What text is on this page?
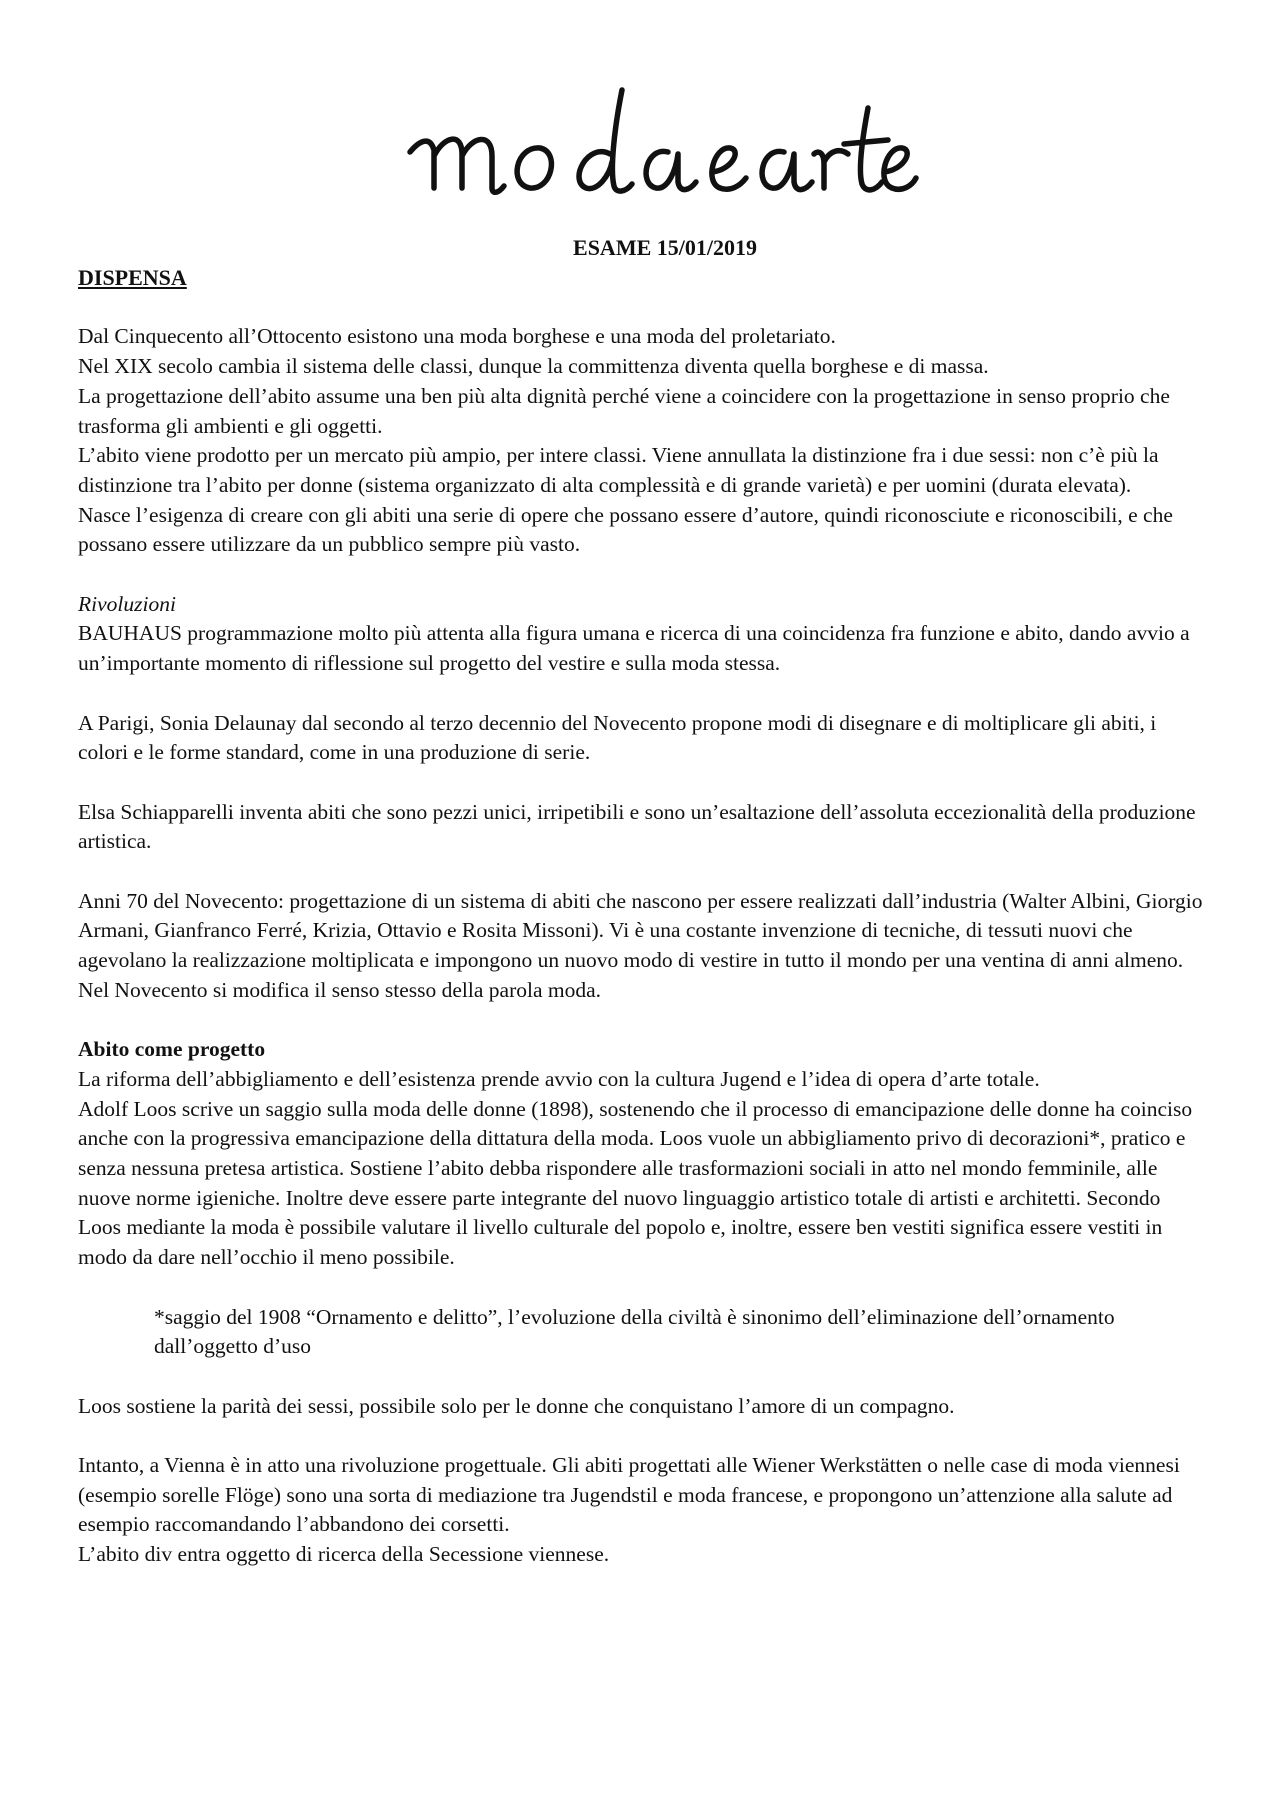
ESAME 15/01/2019

DISPENSA

Dal Cinquecento all’Ottocento esistono una moda borghese e una moda del proletariato.

Nel XIX secolo cambia il sistema delle classi, dunque la committenza diventa quella borghese e di massa.

La progettazione dell’abito assume una ben più alta dignità perché viene a coincidere con la progettazione in senso proprio che trasforma gli ambienti e gli oggetti.

L’abito viene prodotto per un mercato più ampio, per intere classi. Viene annullata la distinzione fra i due sessi: non c’è più la distinzione tra l’abito per donne (sistema organizzato di alta complessità e di grande varietà) e per uomini (durata elevata).

Nasce l’esigenza di creare con gli abiti una serie di opere che possano essere d’autore, quindi riconosciute e riconoscibili, e che possano essere utilizzare da un pubblico sempre più vasto.

Rivoluzioni

BAUHAUS programmazione molto più attenta alla figura umana e ricerca di una coincidenza fra funzione e abito, dando avvio a un’importante momento di riflessione sul progetto del vestire e sulla moda stessa.

A Parigi, Sonia Delaunay dal secondo al terzo decennio del Novecento propone modi di disegnare e di moltiplicare gli abiti, i colori e le forme standard, come in una produzione di serie.

Elsa Schiapparelli inventa abiti che sono pezzi unici, irripetibili e sono un’esaltazione dell’assoluta eccezionalità della produzione artistica.

Anni 70 del Novecento: progettazione di un sistema di abiti che nascono per essere realizzati dall’industria (Walter Albini, Giorgio Armani, Gianfranco Ferré, Krizia, Ottavio e Rosita Missoni). Vi è una costante invenzione di tecniche, di tessuti nuovi che agevolano la realizzazione moltiplicata e impongono un nuovo modo di vestire in tutto il mondo per una ventina di anni almeno.

Nel Novecento si modifica il senso stesso della parola moda.

Abito come progetto

La riforma dell’abbigliamento e dell’esistenza prende avvio con la cultura Jugend e l’idea di opera d’arte totale.

Adolf Loos scrive un saggio sulla moda delle donne (1898), sostenendo che il processo di emancipazione delle donne ha coinciso anche con la progressiva emancipazione della dittatura della moda. Loos vuole un abbigliamento privo di decorazioni*, pratico e senza nessuna pretesa artistica. Sostiene l’abito debba rispondere alle trasformazioni sociali in atto nel mondo femminile, alle nuove norme igieniche. Inoltre deve essere parte integrante del nuovo linguaggio artistico totale di artisti e architetti. Secondo Loos mediante la moda è possibile valutare il livello culturale del popolo e, inoltre, essere ben vestiti significa essere vestiti in modo da dare nell’occhio il meno possibile.

*saggio del 1908 “Ornamento e delitto”, l’evoluzione della civiltà è sinonimo dell’eliminazione dell’ornamento dall’oggetto d’uso

Loos sostiene la parità dei sessi, possibile solo per le donne che conquistano l’amore di un compagno.

Intanto, a Vienna è in atto una rivoluzione progettuale. Gli abiti progettati alle Wiener Werkstätten o nelle case di moda viennesi (esempio sorelle Flöge) sono una sorta di mediazione tra Jugendstil e moda francese, e propongono un’attenzione alla salute ad esempio raccomandando l’abbandono dei corsetti.

L’abito div entra oggetto di ricerca della Secessione viennese.
